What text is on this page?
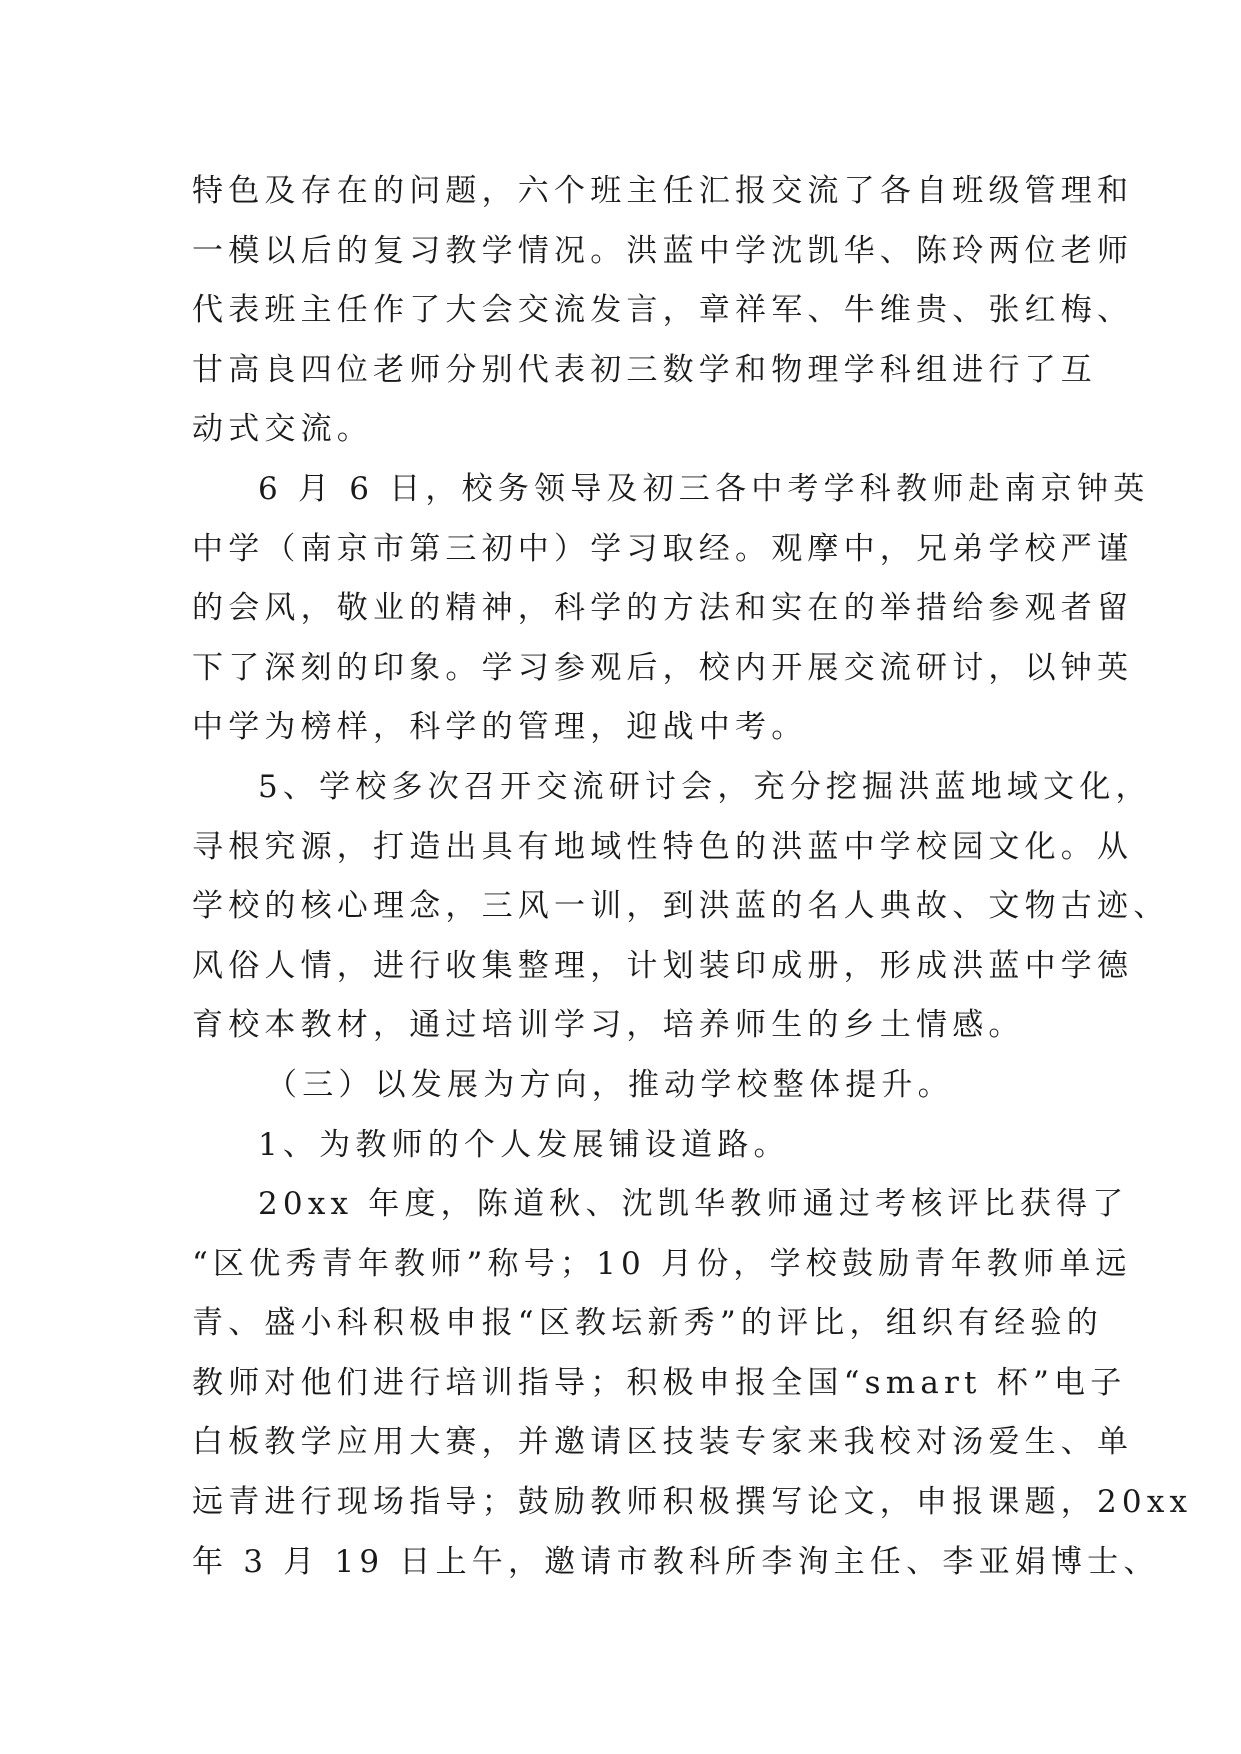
特色及存在的问题，六个班主任汇报交流了各自班级管理和
一模以后的复习教学情况。洪蓝中学沈凯华、陈玲两位老师
代表班主任作了大会交流发言，章祥军、牛维贵、张红梅、
甘高良四位老师分别代表初三数学和物理学科组进行了互
动式交流。
6 月 6 日，校务领导及初三各中考学科教师赴南京钟英
中学（南京市第三初中）学习取经。观摩中，兄弟学校严谨
的会风，敬业的精神，科学的方法和实在的举措给参观者留
下了深刻的印象。学习参观后，校内开展交流研讨，以钟英
中学为榜样，科学的管理，迎战中考。
5、学校多次召开交流研讨会，充分挖掘洪蓝地域文化，
寻根究源，打造出具有地域性特色的洪蓝中学校园文化。从
学校的核心理念，三风一训，到洪蓝的名人典故、文物古迹、
风俗人情，进行收集整理，计划装印成册，形成洪蓝中学德
育校本教材，通过培训学习，培养师生的乡土情感。
（三）以发展为方向，推动学校整体提升。
1、为教师的个人发展铺设道路。
20xx 年度，陈道秋、沈凯华教师通过考核评比获得了
“区优秀青年教师”称号；10 月份，学校鼓励青年教师单远
青、盛小科积极申报“区教坛新秀”的评比，组织有经验的
教师对他们进行培训指导；积极申报全国“smart 杯”电子
白板教学应用大赛，并邀请区技装专家来我校对汤爱生、单
远青进行现场指导；鼓励教师积极撰写论文，申报课题，20xx
年 3 月 19 日上午，邀请市教科所李洵主任、李亚娟博士、
